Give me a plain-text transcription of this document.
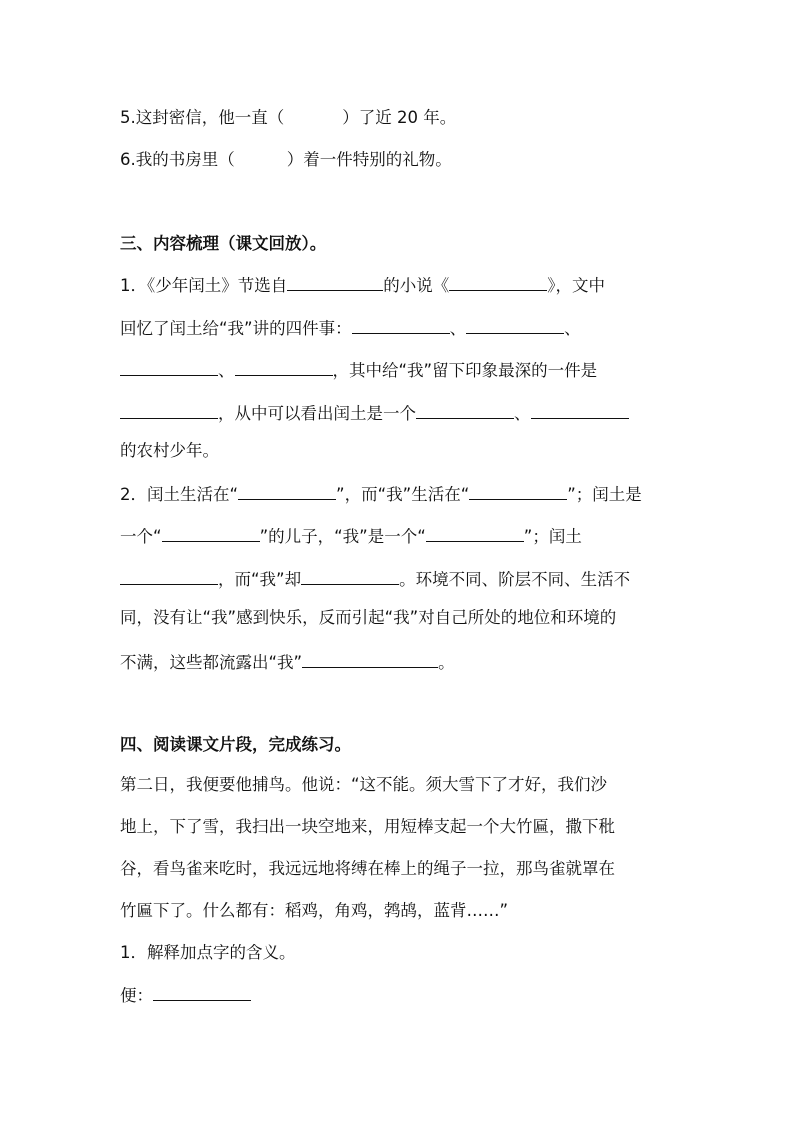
5.这封密信，他一直（	）了近 20 年。
6.我的书房里（	）着一件特别的礼物。
三、内容梳理（课文回放）。
1．《少年闰土》节选自	的小说《	》，文中
回忆了闰土给“我”讲的四件事：	、	、
、	，其中给“我”留下印象最深的一件是
，从中可以看出闰土是一个	、
的农村少年。
2．闰土生活在“	”，而“我”生活在“	”；闰土是
一个“	”的儿子，“我”是一个“	”；闰土
，而“我”却	。环境不同、阶层不同、生活不
同，没有让“我”感到快乐，反而引起“我”对自己所处的地位和环境的
不满，这些都流露出“我”	。
四、阅读课文片段，完成练习。
第二日，我便要他捕鸟。他说：“这不能。须大雪下了才好，我们沙
地上，下了雪，我扫出一块空地来，用短棒支起一个大竹匾，撒下秕
谷，看鸟雀来吃时，我远远地将缚在棒上的绳子一拉，那鸟雀就罩在
竹匾下了。什么都有：稻鸡，角鸡，鹁鸪，蓝背……”
1．解释加点字的含义。
便：
